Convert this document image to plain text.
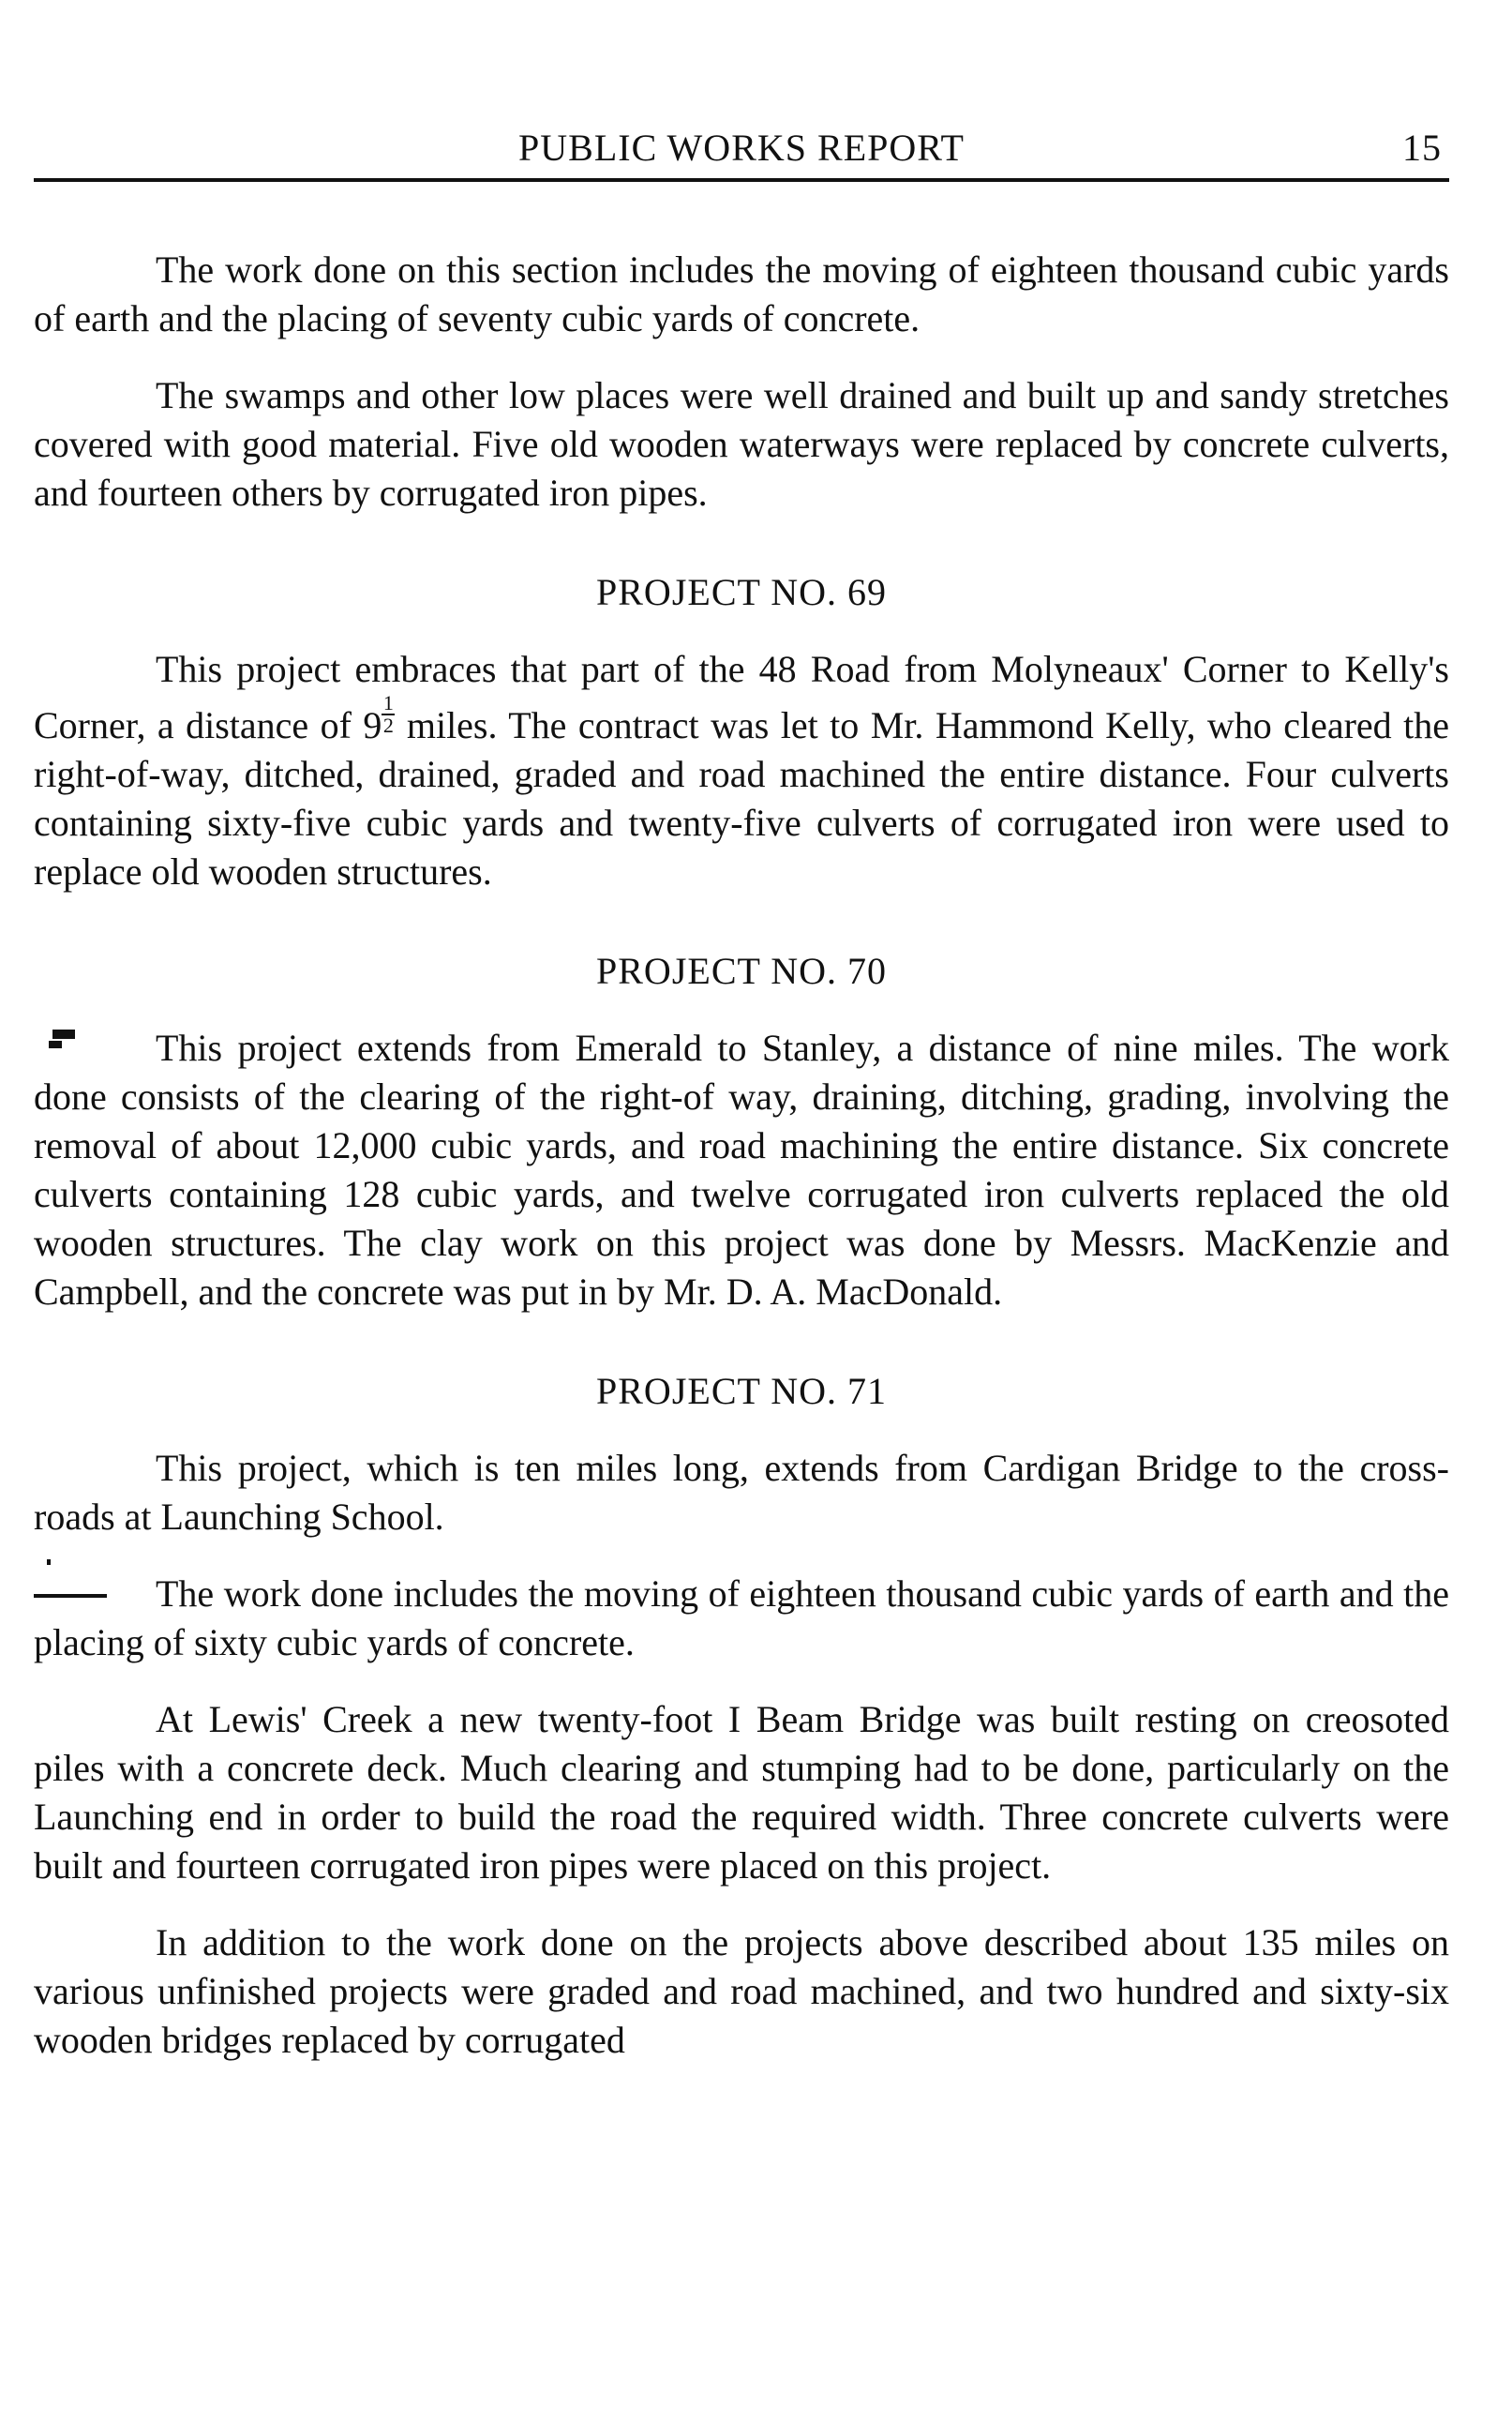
PUBLIC WORKS REPORT	15

The work done on this section includes the moving of eighteen thousand cubic yards of earth and the placing of seventy cubic yards of concrete.

The swamps and other low places were well drained and built up and sandy stretches covered with good material. Five old wooden waterways were replaced by concrete culverts, and fourteen others by corrugated iron pipes.

PROJECT NO. 69

This project embraces that part of the 48 Road from Molyneaux' Corner to Kelly's Corner, a distance of $9 \frac{1}{2}$ miles. The contract was let to Mr. Hammond Kelly, who cleared the right-of-way, ditched, drained, graded and road machined the entire distance. Four culverts containing sixty-five cubic yards and twenty-five culverts of corrugated iron were used to replace old wooden structures.

PROJECT NO. 70

This project extends from Emerald to Stanley, a distance of nine miles. The work done consists of the clearing of the right-of way, draining, ditching, grading, involving the removal of about 12,000 cubic yards, and road machining the entire distance. Six concrete culverts containing 128 cubic yards, and twelve corrugated iron culverts replaced the old wooden structures. The clay work on this project was done by Messrs. MacKenzie and Campbell, and the concrete was put in by Mr. D. A. MacDonald.

PROJECT NO. 71

This project, which is ten miles long, extends from Cardigan Bridge to the cross-roads at Launching School.

The work done includes the moving of eighteen thousand cubic yards of earth and the placing of sixty cubic yards of concrete.

At Lewis' Creek a new twenty-foot I Beam Bridge was built resting on creosoted piles with a concrete deck. Much clearing and stumping had to be done, particularly on the Launching end in order to build the road the required width. Three concrete culverts were built and fourteen corrugated iron pipes were placed on this project.

In addition to the work done on the projects above described about 135 miles on various unfinished projects were graded and road machined, and two hundred and sixty-six wooden bridges replaced by corrugated
